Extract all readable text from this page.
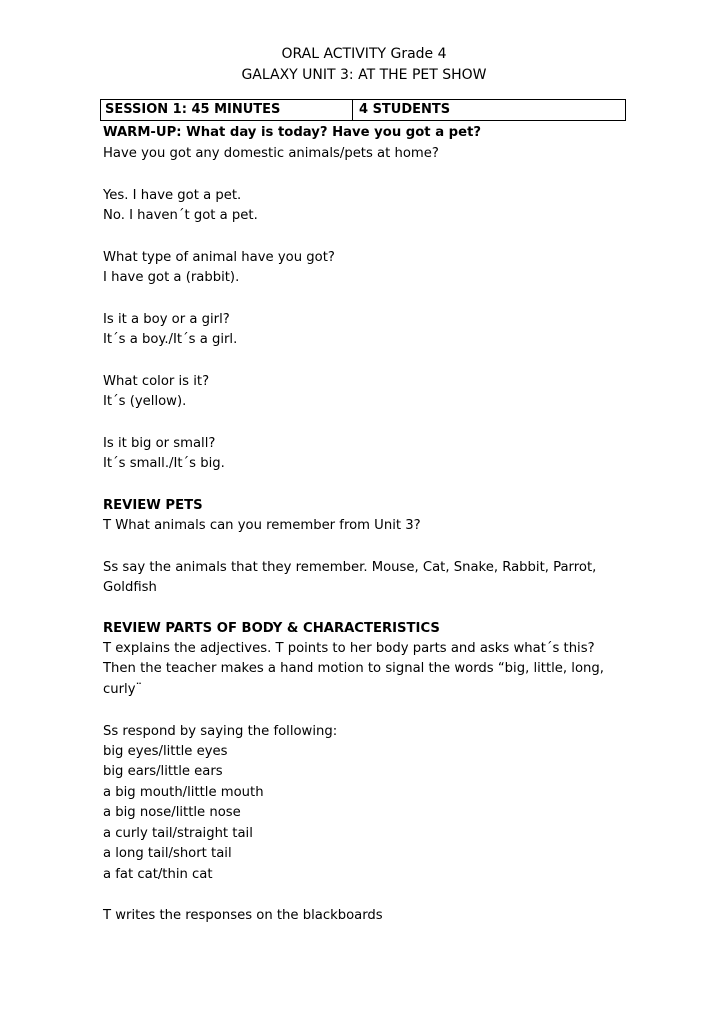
ORAL ACTIVITY Grade 4
GALAXY UNIT 3: AT THE PET SHOW
SESSION 1: 45 MINUTES	4 STUDENTS
WARM-UP: What day is today? Have you got a pet?
Have you got any domestic animals/pets at home?
Yes. I have got a pet.
No. I haven´t got a pet.
What type of animal have you got?
I have got a (rabbit).
Is it a boy or a girl?
It´s a boy./It´s a girl.
What color is it?
It´s (yellow).
Is it big or small?
It´s small./It´s big.
REVIEW PETS
T What animals can you remember from Unit 3?
Ss say the animals that they remember. Mouse, Cat, Snake, Rabbit, Parrot,
Goldfish
REVIEW PARTS OF BODY & CHARACTERISTICS
T explains the adjectives. T points to her body parts and asks what´s this?
Then the teacher makes a hand motion to signal the words “big, little, long,
curly¨
Ss respond by saying the following:
big eyes/little eyes
big ears/little ears
a big mouth/little mouth
a big nose/little nose
a curly tail/straight tail
a long tail/short tail
a fat cat/thin cat
T writes the responses on the blackboards
